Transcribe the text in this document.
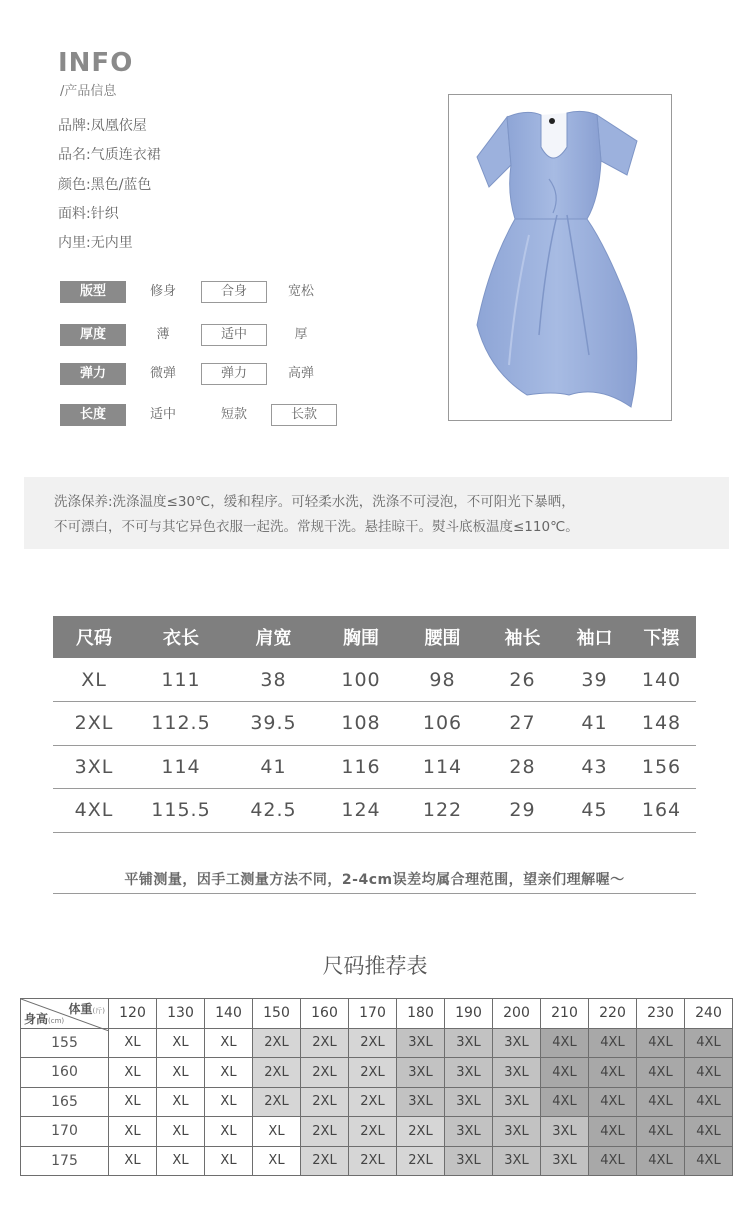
INFO
/产品信息
品牌:凤凰依屋
品名:气质连衣裙
颜色:黑色/蓝色
面料:针织
内里:无内里
版型	修身	合身	宽松
厚度	薄	适中	厚
弹力	微弹	弹力	高弹
长度	适中	短款	长款
洗涤保养:洗涤温度≤30℃，缓和程序。可轻柔水洗，洗涤不可浸泡，不可阳光下暴晒，
不可漂白，不可与其它异色衣服一起洗。常规干洗。悬挂晾干。熨斗底板温度≤110℃。
尺码	衣长	肩宽	胸围	腰围	袖长	袖口	下摆
XL	111	38	100	98	26	39	140
2XL	112.5	39.5	108	106	27	41	148
3XL	114	41	116	114	28	43	156
4XL	115.5	42.5	124	122	29	45	164
平铺测量，因手工测量方法不同，2-4cm误差均属合理范围，望亲们理解喔～
尺码推荐表
体重(斤)
身高(cm)	120	130	140	150	160	170	180	190	200	210	220	230	240
155	XL	XL	XL	2XL	2XL	2XL	3XL	3XL	3XL	4XL	4XL	4XL	4XL
160	XL	XL	XL	2XL	2XL	2XL	3XL	3XL	3XL	4XL	4XL	4XL	4XL
165	XL	XL	XL	2XL	2XL	2XL	3XL	3XL	3XL	4XL	4XL	4XL	4XL
170	XL	XL	XL	XL	2XL	2XL	2XL	3XL	3XL	3XL	4XL	4XL	4XL
175	XL	XL	XL	XL	2XL	2XL	2XL	3XL	3XL	3XL	4XL	4XL	4XL
